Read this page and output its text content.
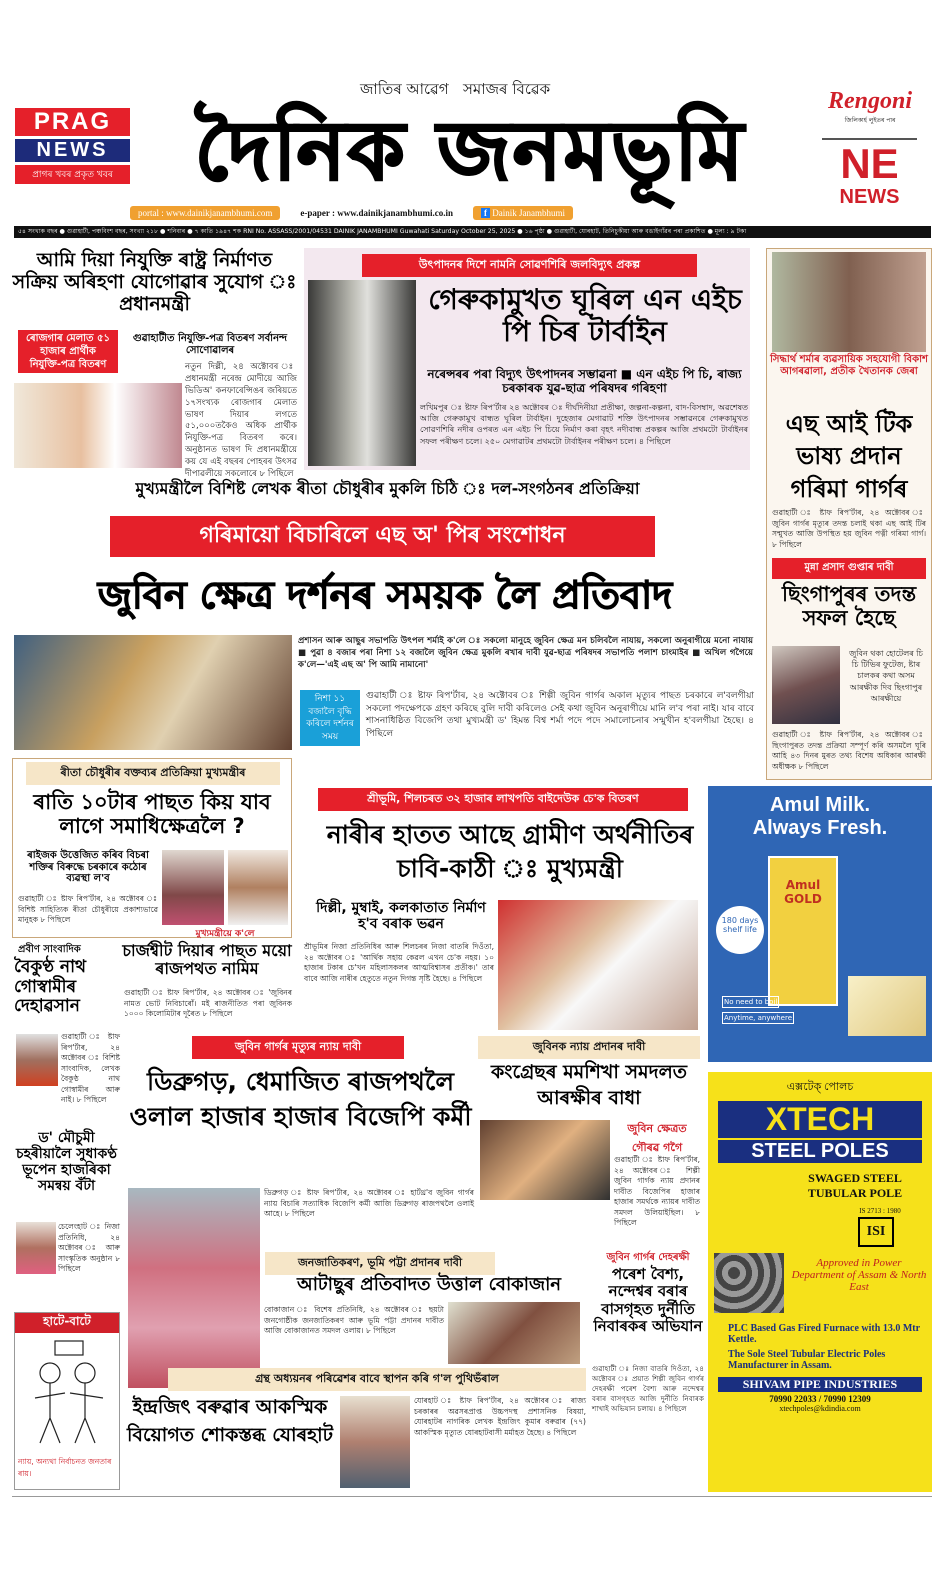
PRAG
NEWS
প্ৰাগৰ খবৰ প্ৰকৃত খবৰ
জাতিৰ আৱেগ সমাজৰ বিৱেক
দৈনিক জনমভূমি
portal : www.dainikjanambhumi.com	e-paper : www.dainikjanambhumi.co.in	f Dainik Janambhumi
Rengoni
জিলিকাৰ্হ লুইতৰ পাৰ
NE
NEWS
৫৪ সংখ্যক বছৰ ● গুৱাহাটী, পঞ্চবিংশ বছৰ, সংখ্যা ২১৮ ● শনিবাৰ ● ৭ কাতি ১৯৪৭ শক RNI No. ASSASS/2001/04531 DAINIK JANAMBHUMI Guwahati Saturday October 25, 2025 ● ১৬ পৃষ্ঠা ● গুৱাহাটী, যোৰহাট, তিনিচুকীয়া আৰু বঙাইগাঁৱৰ পৰা প্ৰকাশিত ● মূল্য : ৯ টকা
আমি দিয়া নিযুক্তি ৰাষ্ট্ৰ নিৰ্মাণত সক্ৰিয় অৰিহণা যোগোৱাৰ সুযোগ ঃ প্ৰধানমন্ত্ৰী
ৰোজগাৰ মেলাত ৫১ হাজাৰ প্ৰাৰ্থীক নিযুক্তি-পত্ৰ বিতৰণ
গুৱাহাটীত নিযুক্তি-পত্ৰ বিতৰণ সৰ্বানন্দ সোণোৱালৰ
নতুন দিল্লী, ২৪ অক্টোবৰ ঃ প্ৰধানমন্ত্ৰী নৰেন্দ্ৰ মোদীয়ে আজি ভিডিঅ' কনফাৰেন্সিঙৰ জৰিয়তে ১৭সংখ্যক ৰোজগাৰ মেলাত ভাষণ দিয়াৰ লগতে ৫১,০০০তকৈও অধিক প্ৰাৰ্থীক নিযুক্তি-পত্ৰ বিতৰণ কৰে। অনুষ্ঠানত ভাষণ দি প্ৰধানমন্ত্ৰীয়ে কয় যে এই বছৰৰ পোহৰৰ উৎসৱ দীপাৱলীয়ে সকলোৰে ৮ পিছিলে
উৎপাদনৰ দিশে নামনি সোৱণশিৰি জলবিদ্যুৎ প্ৰকল্প
গেৰুকামুখত ঘূৰিল এন এইচ পি চিৰ টাৰ্বাইন
নৰেন্সৰৰ পৰা বিদ্যুৎ উৎপাদনৰ সম্ভাৱনা ■ এন এইচ পি চি, ৰাজ্য চৰকাৰক যুৱ-ছাত্ৰ পৰিষদৰ গৰিহণা
লখিমপুৰ ঃ ষ্টাফ ৰিপ'ৰ্টাৰ ২৪ অক্টোবৰ ঃ দীৰ্ঘদিনীয়া প্ৰতীক্ষা, জল্পনা-কল্পনা, বাদ-বিসম্বাদ, অৱশেষত আজি গেৰুকামুখ বান্ধত ঘূৰিল টাৰ্বাইন। দুহেজাৰ মেগাৱাট শক্তি উৎপাদনৰ সম্ভাৱনৰে গেৰুকামুখত সোৱণশিৰি নদীৰ ওপৰত এন এইচ পি চিয়ে নিৰ্মাণ কৰা বৃহৎ নদীবান্ধ প্ৰকল্পৰ আজি প্ৰথমটো টাৰ্বাইনৰ সফল পৰীক্ষণ চলে। ২৫০ মেগাৱাটৰ প্ৰথমটো টাৰ্বাইনৰ পৰীক্ষণ চলে। ৪ পিছিলে
মুখ্যমন্ত্ৰীলৈ বিশিষ্ট লেখক ৰীতা চৌধুৰীৰ মুকলি চিঠি ঃ দল-সংগঠনৰ প্ৰতিক্ৰিয়া
গৰিমায়ো বিচাৰিলে এছ অ' পিৰ সংশোধন
জুবিন ক্ষেত্ৰ দৰ্শনৰ সময়ক লৈ প্ৰতিবাদ
প্ৰশাসন আৰু আছুৰ সভাপতি উৎপল শৰ্মাই ক'লে ঃ সকলো মানুহে জুবিন ক্ষেত্ৰ মন চলিবলৈ নাযায়, সকলো অনুৰাগীয়ে মনো নাযায় ■ পুৱা ৪ বজাৰ পৰা নিশা ১২ বজালৈ জুবিন ক্ষেত্ৰ মুকলি ৰখাৰ দাবী যুৱ-ছাত্ৰ পৰিষদৰ সভাপতি পলাশ চাংমাইৰ ■ অখিল গগৈয়ে ক'লে—'এই এছ অ' পি আমি নামানো'
নিশা ১১ বজালৈ বৃদ্ধি কৰিলে দৰ্শনৰ সময়
গুৱাহাটী ঃ ষ্টাফ ৰিপ'ৰ্টাৰ, ২৪ অক্টোবৰ ঃ শিল্পী জুবিন গাৰ্গৰ অকাল মৃত্যুৰ পাছত চৰকাৰে ল'বলগীয়া সকলো পদক্ষেপকে গ্ৰহণ কৰিছে বুলি দাবী কৰিলেও সেই কথা জুবিন অনুৰাগীয়ে মানি ল'ব পৰা নাই। যাৰ বাবে শাসনাধিষ্ঠিত বিজেপি তথা মুখ্যমন্ত্ৰী ড' হিমন্ত বিশ্ব শৰ্মা পদে পদে সমালোচনাৰ সন্মুখীন হ'বলগীয়া হৈছে। ৪ পিছিলে
সিদ্ধাৰ্থ শৰ্মাৰ ব্যৱসায়িক সহযোগী বিকাশ আগৰৱালা, প্ৰতীক খৈতানক জেৰা
এছ আই টিক ভাষ্য প্ৰদান গৰিমা গাৰ্গৰ
গুৱাহাটী ঃ ষ্টাফ ৰিপ'ৰ্টাৰ, ২৪ অক্টোবৰ ঃ জুবিন গাৰ্গৰ মৃত্যুৰ তদন্ত চলাই থকা এছ আই টিৰ সন্মুখত আজি উপস্থিত হয় জুবিন পত্নী গৰিমা গাৰ্গ। ৮ পিছিলে
মুন্না প্ৰসাদ গুপ্তাৰ দাবী
ছিংগাপুৰৰ তদন্ত সফল হৈছে
জুবিন থকা হোটেলৰ চি চি টিভিৰ ফুটেজ, ষ্টাৰ চালকৰ কথা অসম আৰক্ষীক দিব ছিংগাপুৰ আৰক্ষীয়ে
গুৱাহাটী ঃ ষ্টাফ ৰিপ'ৰ্টাৰ, ২৪ অক্টোবৰ ঃ ছিংগাপুৰত তদন্ত প্ৰক্ৰিয়া সম্পূৰ্ণ কৰি অসমলৈ ঘূৰি আহি ৪৩ দিনৰ মুৰত তথ্য বিশেষ অধিকাৰ আৰক্ষী অধীক্ষক ৮ পিছিলে
ৰীতা চৌধুৰীৰ বক্তব্যৰ প্ৰতিক্ৰিয়া মুখ্যমন্ত্ৰীৰ
ৰাতি ১০টাৰ পাছত কিয় যাব লাগে সমাধিক্ষেত্ৰলৈ ?
ৰাইজক উত্তেজিত কৰিব বিচৰা শক্তিৰ বিৰুদ্ধে চৰকাৰে কঠোৰ ব্যৱস্থা ল'ব
গুৱাহাটী ঃ ষ্টাফ ৰিপ'ৰ্টাৰ, ২৪ অক্টোবৰ ঃ বিশিষ্ট সাহিত্যিক ৰীতা চৌধুৰীয়ে প্ৰকাশ্যভাৱে মানুহক ৮ পিছিলে
মুখ্যমন্ত্ৰীয়ে ক'লে
চাৰ্জশ্বীট দিয়াৰ পাছত ময়ো ৰাজপথত নামিম
গুৱাহাটী ঃ ষ্টাফ ৰিপ'ৰ্টাৰ, ২৪ অক্টোবৰ ঃ 'জুবিনৰ নামত ভোট নিবিচাৰোঁ। মই ৰাজনীতিত পৰা জুবিনক ১০০০ কিলোমিটাৰ দূৰৈত ৮ পিছিলে
প্ৰবীণ সাংবাদিক
বৈকুণ্ঠ নাথ গোস্বামীৰ দেহাৱসান
গুৱাহাটী ঃ ষ্টাফ ৰিপ'ৰ্টাৰ, ২৪ অক্টোবৰ ঃ বিশিষ্ট সাংবাদিক, লেখক বৈকুণ্ঠ নাথ গোস্বামীৰ আৰু নাই। ৮ পিছিলে
ড' মৌচুমী চহৰীয়ালৈ সুধাকণ্ঠ ভূপেন হাজৰিকা সমন্বয় বঁটা
চেলেংহাট ঃ নিজা প্ৰতিনিধি, ২৪ অক্টোবৰ ঃ আৰু সাংস্কৃতিক অনুষ্ঠান ৮ পিছিলে
হাটে-বাটে
ন্যায়, অন্যথা নিৰ্বাচনত জনতাৰ ৰায়।
শ্ৰীভূমি, শিলচৰত ৩২ হাজাৰ লাখপতি বাইদেউক চে'ক বিতৰণ
নাৰীৰ হাতত আছে গ্ৰামীণ অৰ্থনীতিৰ চাবি-কাঠী ঃ মুখ্যমন্ত্ৰী
দিল্লী, মুম্বাই, কলকাতাত নিৰ্মাণ হ'ব বৰাক ভৱন
শ্ৰীভূমিৰ নিজা প্ৰতিনিধিৰ আৰু শিলচৰৰ নিজা বাতৰি দিওঁতা, ২৪ অক্টোবৰ ঃ 'আৰ্থিক সহায় কেৱল এখন চে'ক নহয়। ১০ হাজাৰ টকাৰ চে'খন মহিলাসকলৰ আত্মবিশ্বাসৰ প্ৰতীক।' তাৰ বাবে আজি নাৰীৰ হেতুতে নতুন দিগন্ত সৃষ্টি হৈছে। ৪ পিছিলে
Amul Milk.
Always Fresh.
Amul GOLD
180 days shelf life
No need to boil
Anytime, anywhere
জুবিন গাৰ্গৰ মৃত্যুৰ ন্যায় দাবী
ডিব্ৰুগড়, ধেমাজিত ৰাজপথলৈ ওলাল হাজাৰ হাজাৰ বিজেপি কৰ্মী
ডিব্ৰুগড় ঃ ষ্টাফ ৰিপ'ৰ্টাৰ, ২৪ অক্টোবৰ ঃ হাৰ্টথ্ৰ'ব জুবিন গাৰ্গৰ ন্যায় বিচাৰি সত্যাধিক বিজেপি কৰ্মী আজি ডিব্ৰুগড় ৰাজপথলৈ ওলাই আহে। ৮ পিছিলে
জুবিনক ন্যায় প্ৰদানৰ দাবী
কংগ্ৰেছৰ মমশিখা সমদলত আৰক্ষীৰ বাধা
জুবিন ক্ষেত্ৰত গৌৰৱ গগৈ
গুৱাহাটী ঃ ষ্টাফ ৰিপ'ৰ্টাৰ, ২৪ অক্টোবৰ ঃ শিল্পী জুবিন গাৰ্গক ন্যায় প্ৰদানৰ দাবীত বিজেপিৰ হাজাৰ হাজাৰ সমৰ্থকে ন্যায়ৰ দাবীত সমদল উলিয়াইছিল। ৮ পিছিলে
জনজাতিকৰণ, ভূমি পট্টা প্ৰদানৰ দাবী
আটাছুৰ প্ৰতিবাদত উত্তাল বোকাজান
বোকাজান ঃ বিশেষ প্ৰতিনিধি, ২৪ অক্টোবৰ ঃ ছয়টা জনগোষ্ঠীক জনজাতিকৰণ আৰু ভূমি পট্টা প্ৰদানৰ দাবীত আজি বোকাজানত সমদল ওলায়। ৮ পিছিলে
জুবিন গাৰ্গৰ দেহৰক্ষী
পৰেশ বৈশ্য, নন্দেশ্বৰ বৰাৰ বাসগৃহত দুৰ্নীতি নিবাৰকৰ অভিযান
গুৱাহাটী ঃ নিজা বাতৰি দিওঁতা, ২৪ অক্টোবৰ ঃ প্ৰয়াত শিল্পী জুবিন গাৰ্গৰ দেহৰক্ষী পৰেশ বৈশ্য আৰু নন্দেশ্বৰ বৰাৰ বাসগৃহত আজি দুৰ্নীতি নিবাৰক শাখাই অভিযান চলায়। ৪ পিছিলে
গ্ৰন্থ অধ্যয়নৰ পৰিৱেশৰ বাবে স্থাপন কৰি গ'ল পুথিভঁৰাল
ইন্দ্ৰজিৎ বৰুৱাৰ আকস্মিক বিয়োগত শোকস্তব্ধ যোৰহাট
যোৰহাট ঃ ষ্টাফ ৰিপ'ৰ্টাৰ, ২৪ অক্টোবৰ ঃ ৰাজ্য চৰকাৰৰ অৱসৰপ্ৰাপ্ত উচ্চপদস্থ প্ৰশাসনিক বিষয়া, যোৰহাটৰ নাগৰিক লেখক ইন্দ্ৰজিৎ কুমাৰ বৰুৱাৰ (৭৭) আকস্মিক মৃত্যুত যোৰহাটবাসী মৰ্মাহত হৈছে। ৪ পিছিলে
এক্সটেক্ পোলচ
XTECH
STEEL POLES
SWAGED STEEL
TUBULAR POLE
IS 2713 : 1980
ISI
Approved in Power Department of Assam & North East
PLC Based Gas Fired Furnace with 13.0 Mtr Kettle.
The Sole Steel Tubular Electric Poles Manufacturer in Assam.
SHIVAM PIPE INDUSTRIES
70990 22033 / 70990 12309
xtechpoles@kdindia.com
